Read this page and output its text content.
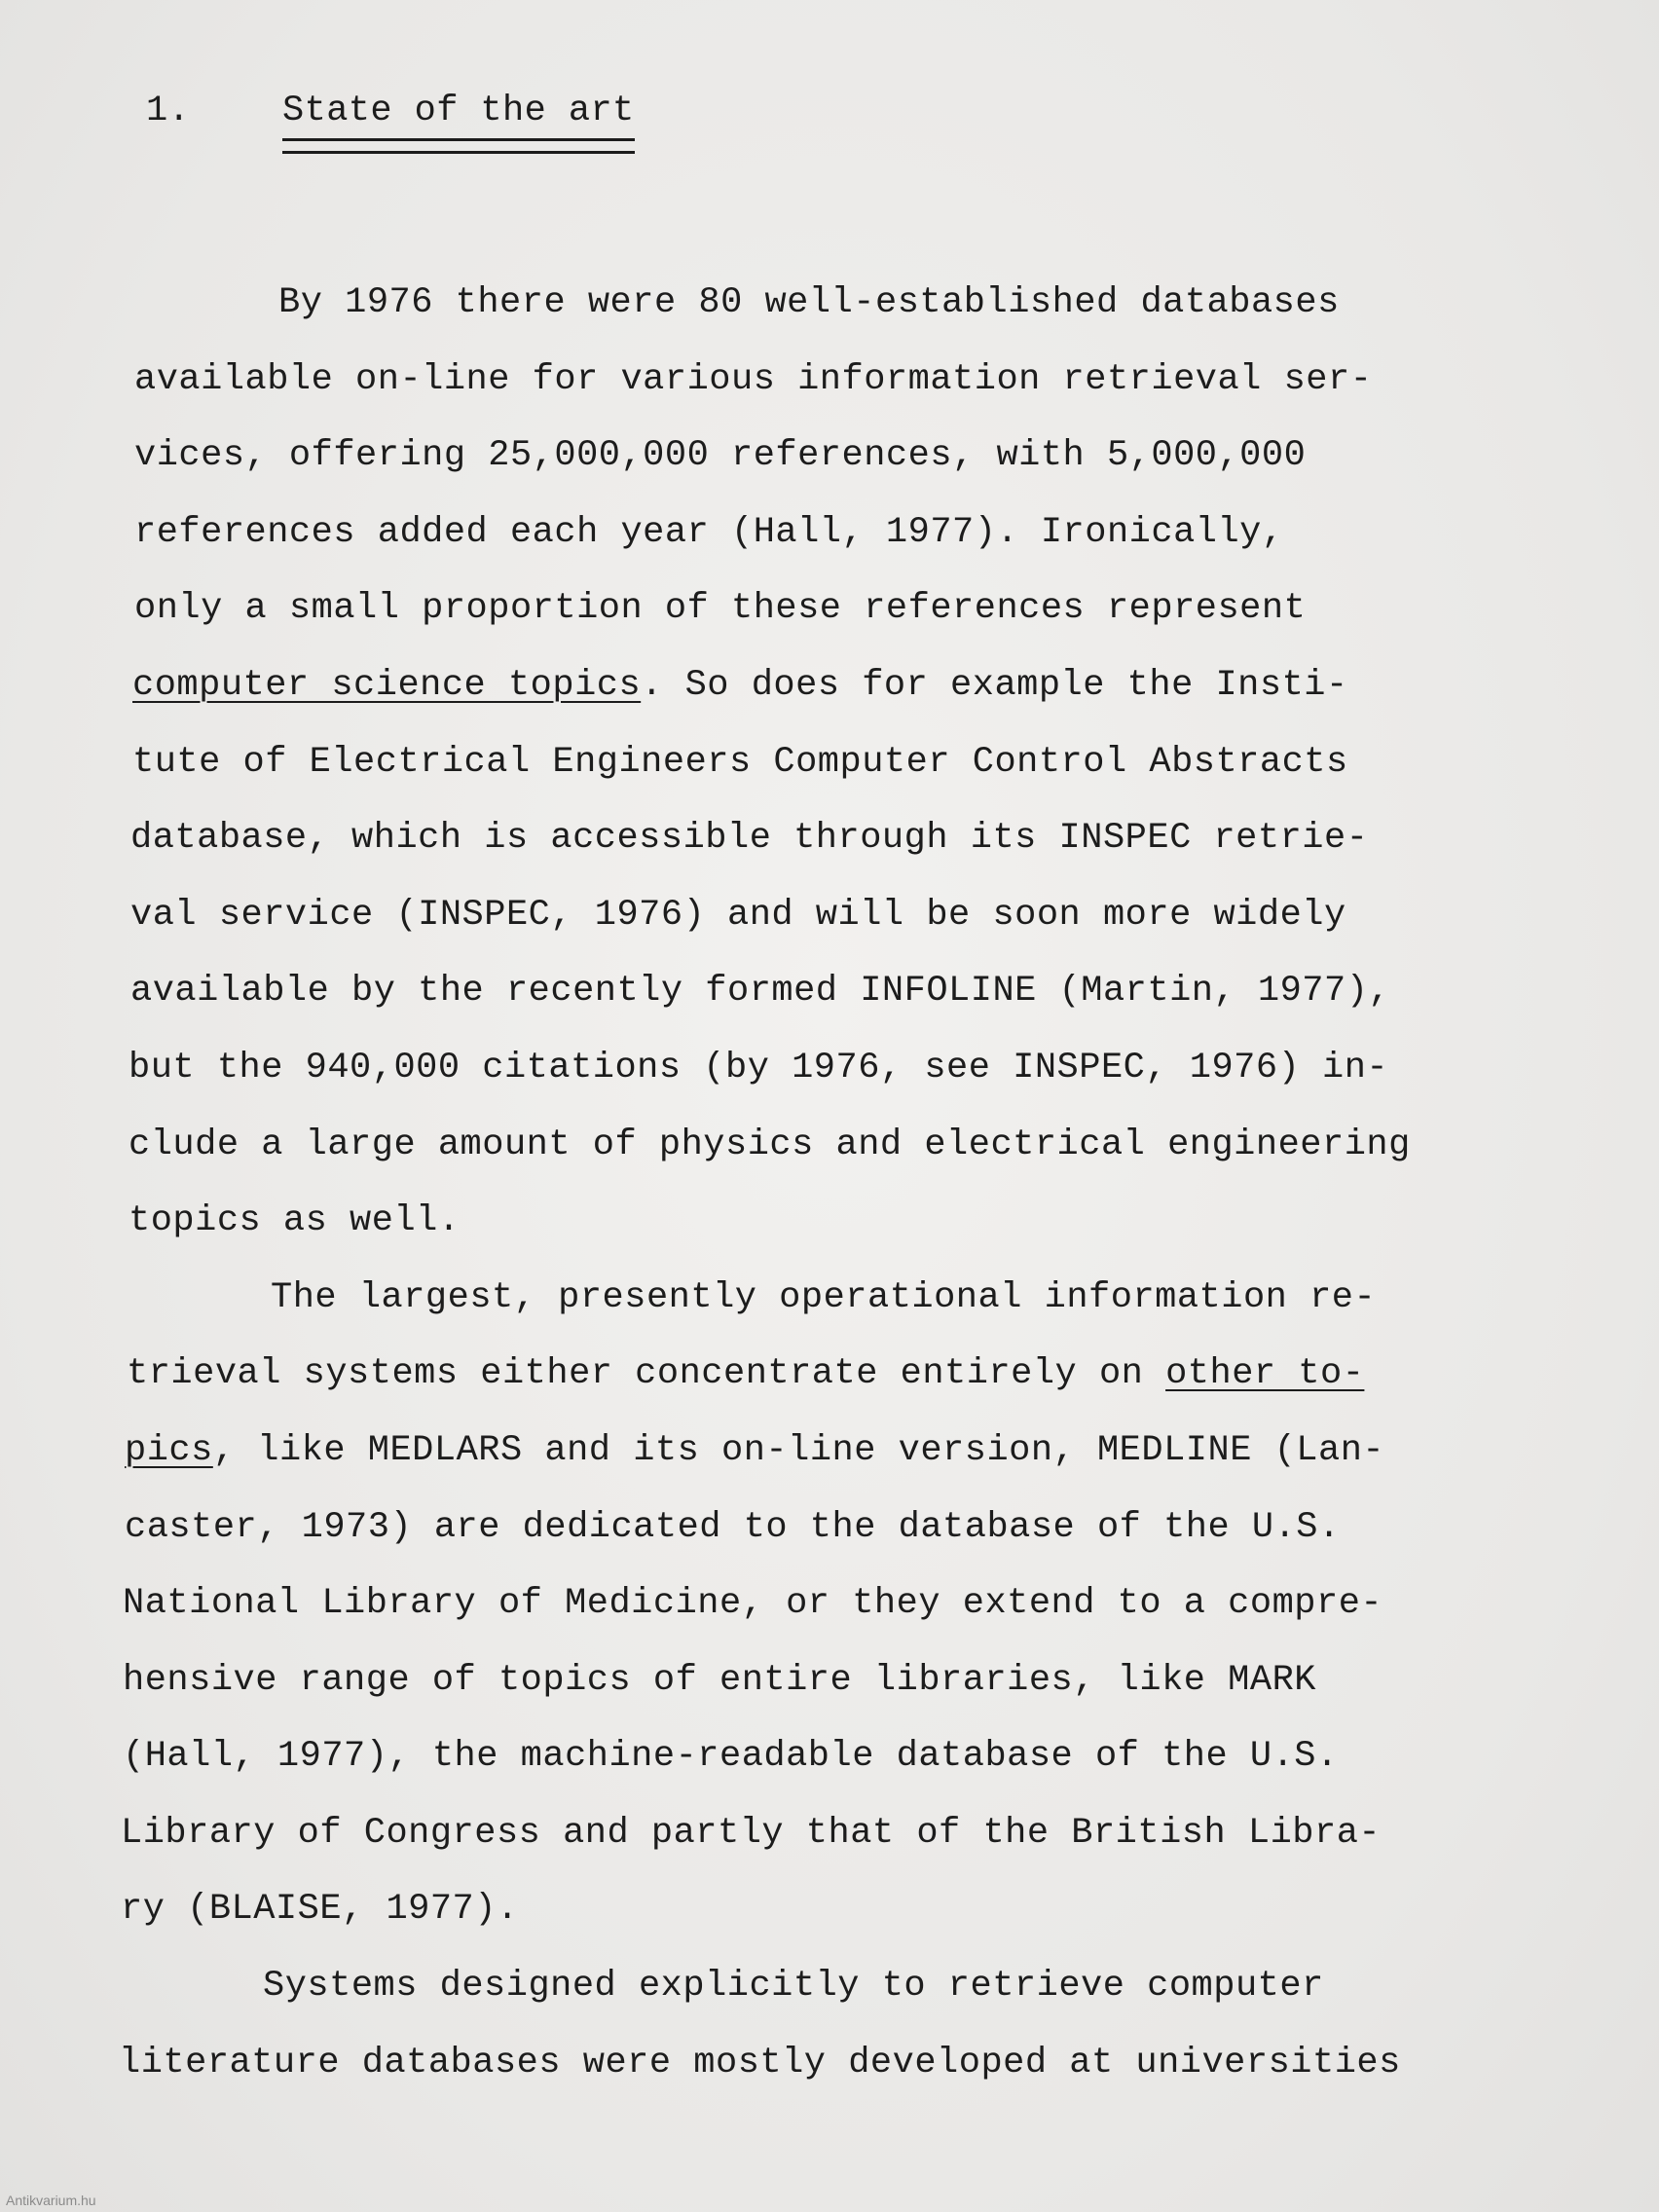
1.	State of the art
By 1976 there were 80 well-established databases
available on-line for various information retrieval ser-
vices, offering 25,000,000 references, with 5,000,000
references added each year (Hall, 1977). Ironically,
only a small proportion of these references represent
computer science topics. So does for example the Insti-
tute of Electrical Engineers Computer Control Abstracts
database, which is accessible through its INSPEC retrie-
val service (INSPEC, 1976) and will be soon more widely
available by the recently formed INFOLINE (Martin, 1977),
but the 940,000 citations (by 1976, see INSPEC, 1976) in-
clude a large amount of physics and electrical engineering
topics as well.
The largest, presently operational information re-
trieval systems either concentrate entirely on other to-
pics, like MEDLARS and its on-line version, MEDLINE (Lan-
caster, 1973) are dedicated to the database of the U.S.
National Library of Medicine, or they extend to a compre-
hensive range of topics of entire libraries, like MARK
(Hall, 1977), the machine-readable database of the U.S.
Library of Congress and partly that of the British Libra-
ry (BLAISE, 1977).
Systems designed explicitly to retrieve computer
literature databases were mostly developed at universities
Antikvarium.hu
